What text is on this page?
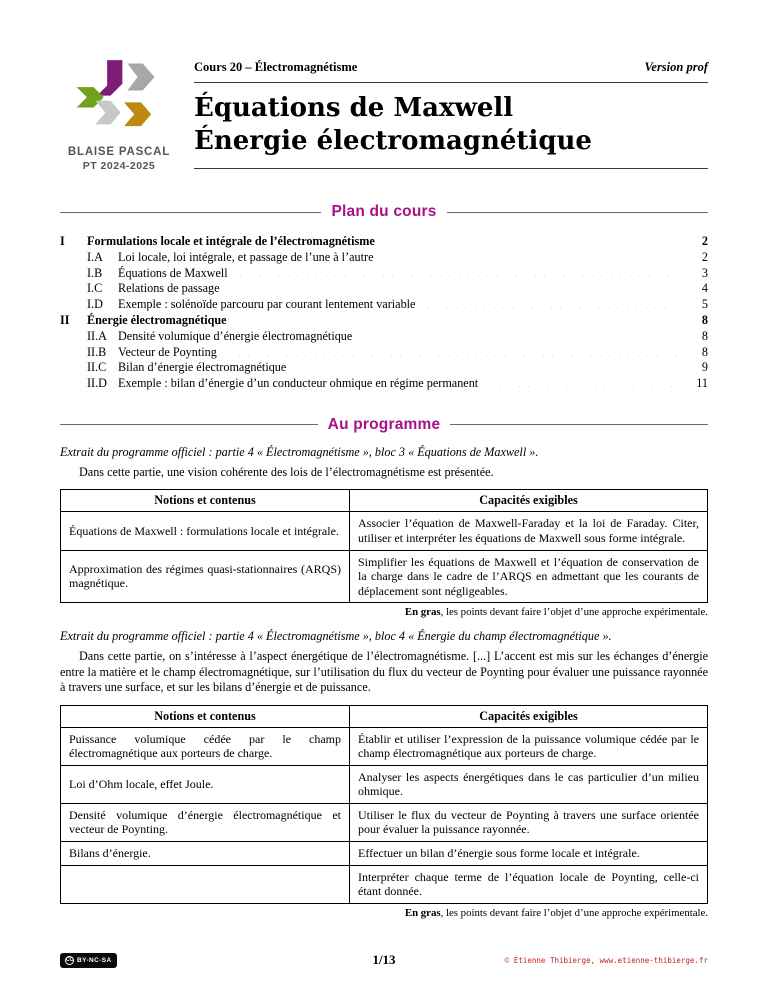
BLAISE PASCAL
PT 2024-2025
Cours 20 – Électromagnétisme	Version prof
Équations de Maxwell
Énergie électromagnétique
Plan du cours
I	Formulations locale et intégrale de l’électromagnétisme	2
I.A	Loi locale, loi intégrale, et passage de l’une à l’autre	2
I.B	Équations de Maxwell	3
I.C	Relations de passage	4
I.D	Exemple : solénoïde parcouru par courant lentement variable	5
II	Énergie électromagnétique	8
II.A Densité volumique d’énergie électromagnétique	8
II.B Vecteur de Poynting	8
II.C Bilan d’énergie électromagnétique	9
II.D Exemple : bilan d’énergie d’un conducteur ohmique en régime permanent	11
Au programme

Extrait du programme officiel : partie 4 « Électromagnétisme », bloc 3 « Équations de Maxwell ».

Dans cette partie, une vision cohérente des lois de l’électromagnétisme est présentée.

Notions et contenus	Capacités exigibles
Équations de Maxwell : formulations locale et intégrale.	Associer l’équation de Maxwell-Faraday et la loi de Faraday. Citer, utiliser et interpréter les équations de Maxwell sous forme intégrale.
Approximation des régimes quasi-stationnaires (ARQS) magnétique.	Simplifier les équations de Maxwell et l’équation de conservation de la charge dans le cadre de l’ARQS en admettant que les courants de déplacement sont négligeables.

En gras, les points devant faire l’objet d’une approche expérimentale.

Extrait du programme officiel : partie 4 « Électromagnétisme », bloc 4 « Énergie du champ électromagnétique ».

Dans cette partie, on s’intéresse à l’aspect énergétique de l’électromagnétisme. [...] L’accent est mis sur les échanges d’énergie entre la matière et le champ électromagnétique, sur l’utilisation du flux du vecteur de Poynting pour évaluer une puissance rayonnée à travers une surface, et sur les bilans d’énergie et de puissance.

Notions et contenus	Capacités exigibles
Puissance volumique cédée par le champ électromagnétique aux porteurs de charge.	Établir et utiliser l’expression de la puissance volumique cédée par le champ électromagnétique aux porteurs de charge.
Loi d’Ohm locale, effet Joule.	Analyser les aspects énergétiques dans le cas particulier d’un milieu ohmique.
Densité volumique d’énergie électromagnétique et vecteur de Poynting.	Utiliser le flux du vecteur de Poynting à travers une surface orientée pour évaluer la puissance rayonnée.
Bilans d’énergie.	Effectuer un bilan d’énergie sous forme locale et intégrale.
	Interpréter chaque terme de l’équation locale de Poynting, celle-ci étant donnée.

En gras, les points devant faire l’objet d’une approche expérimentale.

CC BY-NC-SA	1/13	© Étienne Thibierge, www.etienne-thibierge.fr
